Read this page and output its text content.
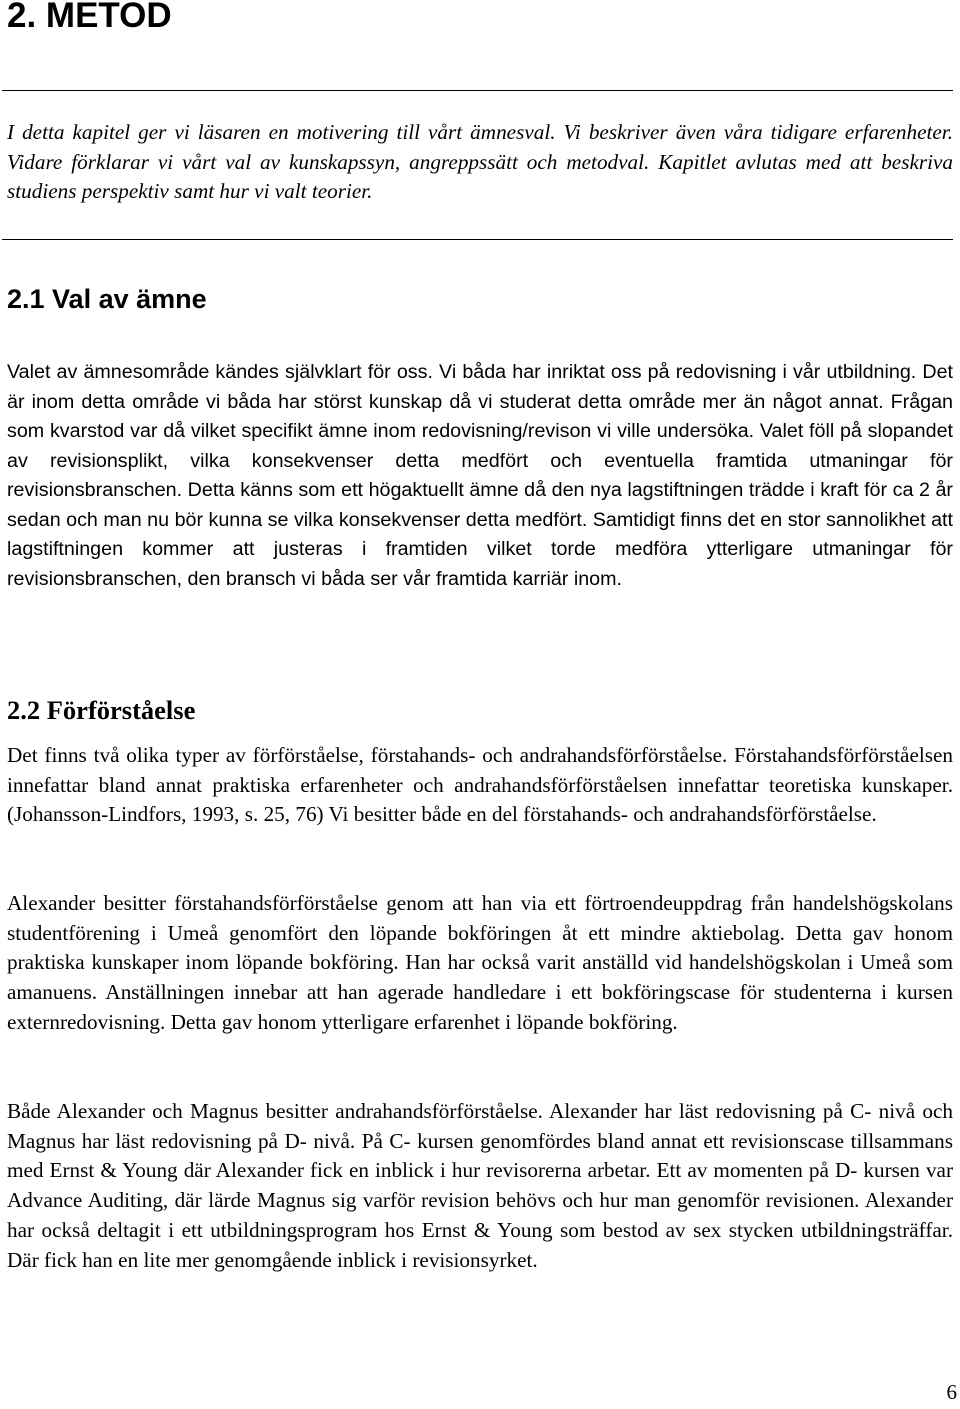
2. METOD

I detta kapitel ger vi läsaren en motivering till vårt ämnesval. Vi beskriver även våra tidigare erfarenheter. Vidare förklarar vi vårt val av kunskapssyn, angreppssätt och metodval. Kapitlet avlutas med att beskriva studiens perspektiv samt hur vi valt teorier.

2.1 Val av ämne

Valet av ämnesområde kändes självklart för oss. Vi båda har inriktat oss på redovisning i vår utbildning. Det är inom detta område vi båda har störst kunskap då vi studerat detta område mer än något annat. Frågan som kvarstod var då vilket specifikt ämne inom redovisning/revison vi ville undersöka. Valet föll på slopandet av revisionsplikt, vilka konsekvenser detta medfört och eventuella framtida utmaningar för revisionsbranschen. Detta känns som ett högaktuellt ämne då den nya lagstiftningen trädde i kraft för ca 2 år sedan och man nu bör kunna se vilka konsekvenser detta medfört. Samtidigt finns det en stor sannolikhet att lagstiftningen kommer att justeras i framtiden vilket torde medföra ytterligare utmaningar för revisionsbranschen, den bransch vi båda ser vår framtida karriär inom.

2.2 Förförståelse

Det finns två olika typer av förförståelse, förstahands- och andrahandsförförståelse. Förstahandsförförståelsen innefattar bland annat praktiska erfarenheter och andrahandsförförståelsen innefattar teoretiska kunskaper. (Johansson-Lindfors, 1993, s. 25, 76) Vi besitter både en del förstahands- och andrahandsförförståelse.

Alexander besitter förstahandsförförståelse genom att han via ett förtroendeuppdrag från handelshögskolans studentförening i Umeå genomfört den löpande bokföringen åt ett mindre aktiebolag. Detta gav honom praktiska kunskaper inom löpande bokföring. Han har också varit anställd vid handelshögskolan i Umeå som amanuens. Anställningen innebar att han agerade handledare i ett bokföringscase för studenterna i kursen externredovisning. Detta gav honom ytterligare erfarenhet i löpande bokföring.

Både Alexander och Magnus besitter andrahandsförförståelse. Alexander har läst redovisning på C- nivå och Magnus har läst redovisning på D- nivå. På C- kursen genomfördes bland annat ett revisionscase tillsammans med Ernst & Young där Alexander fick en inblick i hur revisorerna arbetar. Ett av momenten på D- kursen var Advance Auditing, där lärde Magnus sig varför revision behövs och hur man genomför revisionen. Alexander har också deltagit i ett utbildningsprogram hos Ernst & Young som bestod av sex stycken utbildningsträffar. Där fick han en lite mer genomgående inblick i revisionsyrket.

6
